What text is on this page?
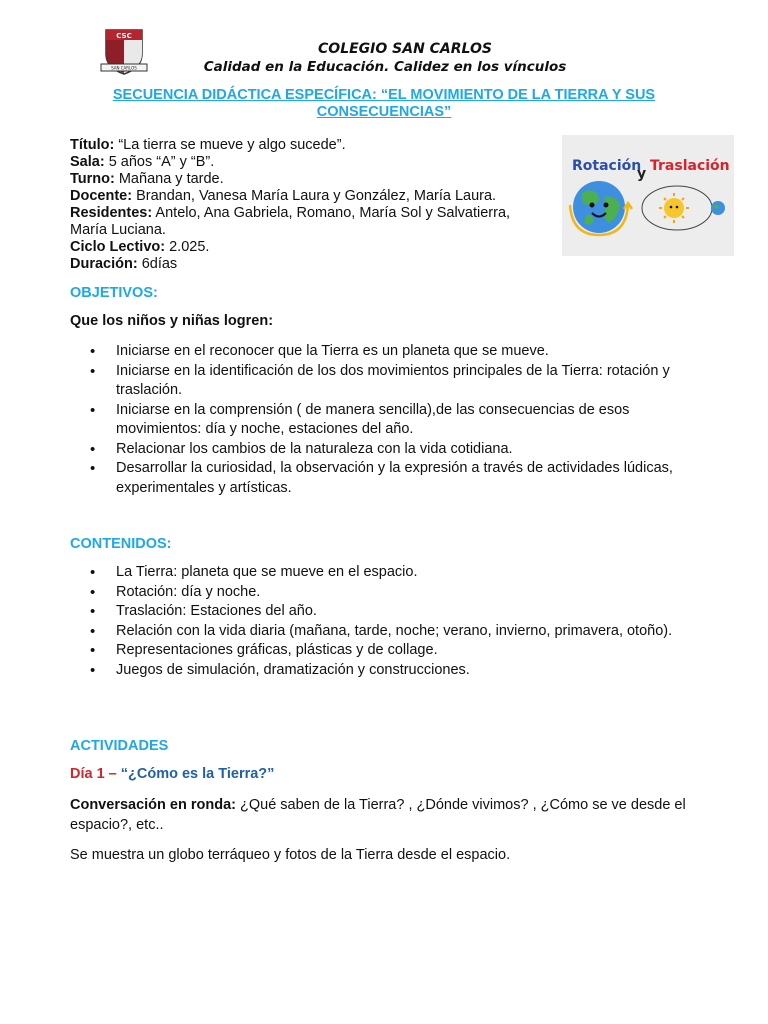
CSC
SAN CARLOS
COLEGIO SAN CARLOS
Calidad en la Educación. Calidez en los vínculos
SECUENCIA DIDÁCTICA ESPECÍFICA: “EL MOVIMIENTO DE LA TIERRA Y SUS
CONSECUENCIAS”

Título: “La tierra se mueve y algo sucede”.

Sala: 5 años “A” y “B”.

Turno: Mañana y tarde.

Docente: Brandan, Vanesa María Laura y González, María Laura.

Residentes: Antelo, Ana Gabriela, Romano, María Sol y Salvatierra, María Luciana.

Ciclo Lectivo: 2.025.

Duración: 6días

Rotación
y Traslación
OBJETIVOS:
Que los niños y niñas logren:
• Iniciarse en el reconocer que la Tierra es un planeta que se mueve.
• Iniciarse en la identificación de los dos movimientos principales de la Tierra: rotación y traslación.
• Iniciarse en la comprensión ( de manera sencilla),de las consecuencias de esos movimientos: día y noche, estaciones del año.
• Relacionar los cambios de la naturaleza con la vida cotidiana.
• Desarrollar la curiosidad, la observación y la expresión a través de actividades lúdicas, experimentales y artísticas.
CONTENIDOS:
• La Tierra: planeta que se mueve en el espacio.
• Rotación: día y noche.
• Traslación: Estaciones del año.
• Relación con la vida diaria (mañana, tarde, noche; verano, invierno, primavera, otoño).
• Representaciones gráficas, plásticas y de collage.
• Juegos de simulación, dramatización y construcciones.
ACTIVIDADES
Día 1 – “¿Cómo es la Tierra?”
Conversación en ronda: ¿Qué saben de la Tierra? , ¿Dónde vivimos? , ¿Cómo se ve desde el espacio?, etc..
Se muestra un globo terráqueo y fotos de la Tierra desde el espacio.
